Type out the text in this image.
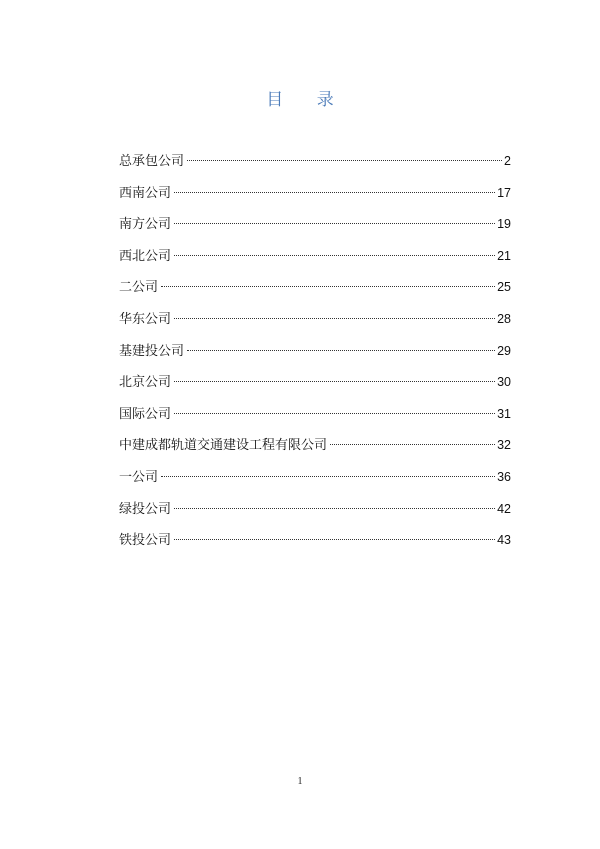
目 录
总承包公司	2
西南公司	17
南方公司	19
西北公司	21
二公司	25
华东公司	28
基建投公司	29
北京公司	30
国际公司	31
中建成都轨道交通建设工程有限公司	32
一公司	36
绿投公司	42
铁投公司	43
1
